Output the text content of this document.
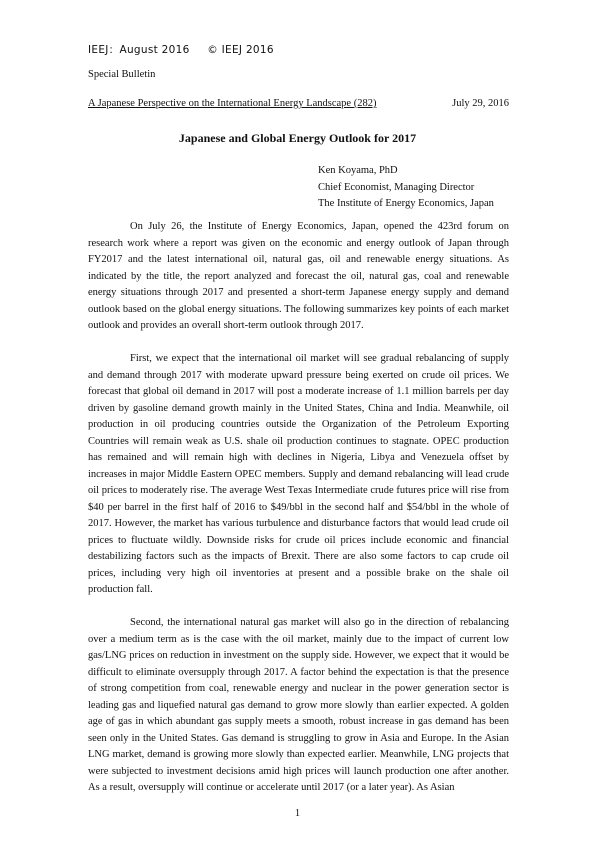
IEEJ：August 2016 © IEEJ 2016
Special Bulletin
A Japanese Perspective on the International Energy Landscape (282)	July 29, 2016
Japanese and Global Energy Outlook for 2017
Ken Koyama, PhD
Chief Economist, Managing Director
The Institute of Energy Economics, Japan

On July 26, the Institute of Energy Economics, Japan, opened the 423rd forum on research work where a report was given on the economic and energy outlook of Japan through FY2017 and the latest international oil, natural gas, oil and renewable energy situations. As indicated by the title, the report analyzed and forecast the oil, natural gas, coal and renewable energy situations through 2017 and presented a short-term Japanese energy supply and demand outlook based on the global energy situations. The following summarizes key points of each market outlook and provides an overall short-term outlook through 2017.

First, we expect that the international oil market will see gradual rebalancing of supply and demand through 2017 with moderate upward pressure being exerted on crude oil prices. We forecast that global oil demand in 2017 will post a moderate increase of 1.1 million barrels per day driven by gasoline demand growth mainly in the United States, China and India. Meanwhile, oil production in oil producing countries outside the Organization of the Petroleum Exporting Countries will remain weak as U.S. shale oil production continues to stagnate. OPEC production has remained and will remain high with declines in Nigeria, Libya and Venezuela offset by increases in major Middle Eastern OPEC members. Supply and demand rebalancing will lead crude oil prices to moderately rise. The average West Texas Intermediate crude futures price will rise from $40 per barrel in the first half of 2016 to $49/bbl in the second half and $54/bbl in the whole of 2017. However, the market has various turbulence and disturbance factors that would lead crude oil prices to fluctuate wildly. Downside risks for crude oil prices include economic and financial destabilizing factors such as the impacts of Brexit. There are also some factors to cap crude oil prices, including very high oil inventories at present and a possible brake on the shale oil production fall.

Second, the international natural gas market will also go in the direction of rebalancing over a medium term as is the case with the oil market, mainly due to the impact of current low gas/LNG prices on reduction in investment on the supply side. However, we expect that it would be difficult to eliminate oversupply through 2017. A factor behind the expectation is that the presence of strong competition from coal, renewable energy and nuclear in the power generation sector is leading gas and liquefied natural gas demand to grow more slowly than earlier expected. A golden age of gas in which abundant gas supply meets a smooth, robust increase in gas demand has been seen only in the United States. Gas demand is struggling to grow in Asia and Europe. In the Asian LNG market, demand is growing more slowly than expected earlier. Meanwhile, LNG projects that were subjected to investment decisions amid high prices will launch production one after another. As a result, oversupply will continue or accelerate until 2017 (or a later year). As Asian

1
